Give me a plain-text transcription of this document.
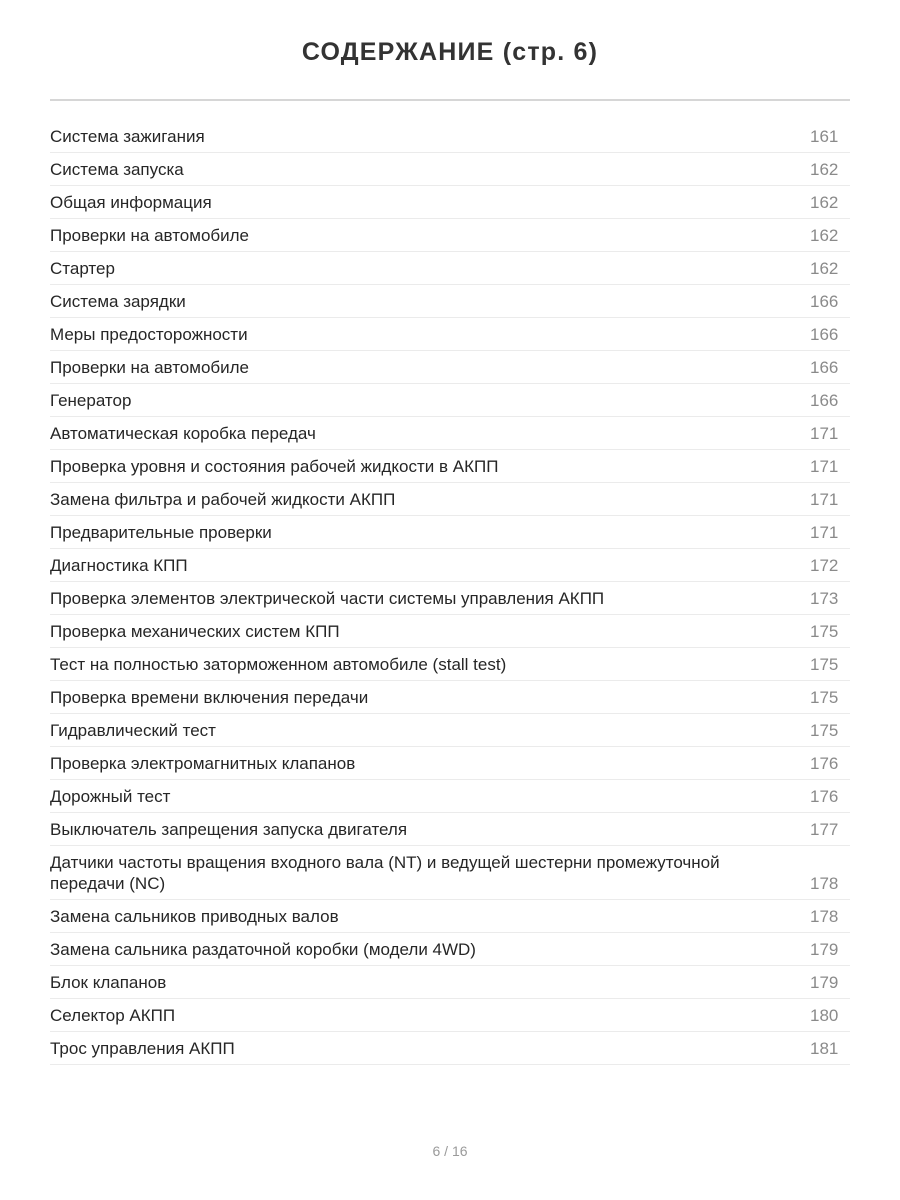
СОДЕРЖАНИЕ (стр. 6)
Система зажигания	161
Система запуска	162
Общая информация	162
Проверки на автомобиле	162
Стартер	162
Система зарядки	166
Меры предосторожности	166
Проверки на автомобиле	166
Генератор	166
Автоматическая коробка передач	171
Проверка уровня и состояния рабочей жидкости в АКПП	171
Замена фильтра и рабочей жидкости АКПП	171
Предварительные проверки	171
Диагностика КПП	172
Проверка элементов электрической части системы управления АКПП	173
Проверка механических систем КПП	175
Тест на полностью заторможенном автомобиле (stall test)	175
Проверка времени включения передачи	175
Гидравлический тест	175
Проверка электромагнитных клапанов	176
Дорожный тест	176
Выключатель запрещения запуска двигателя	177
Датчики частоты вращения входного вала (NT) и ведущей шестерни промежуточной передачи (NC)	178
Замена сальников приводных валов	178
Замена сальника раздаточной коробки (модели 4WD)	179
Блок клапанов	179
Селектор АКПП	180
Трос управления АКПП	181
6 / 16
